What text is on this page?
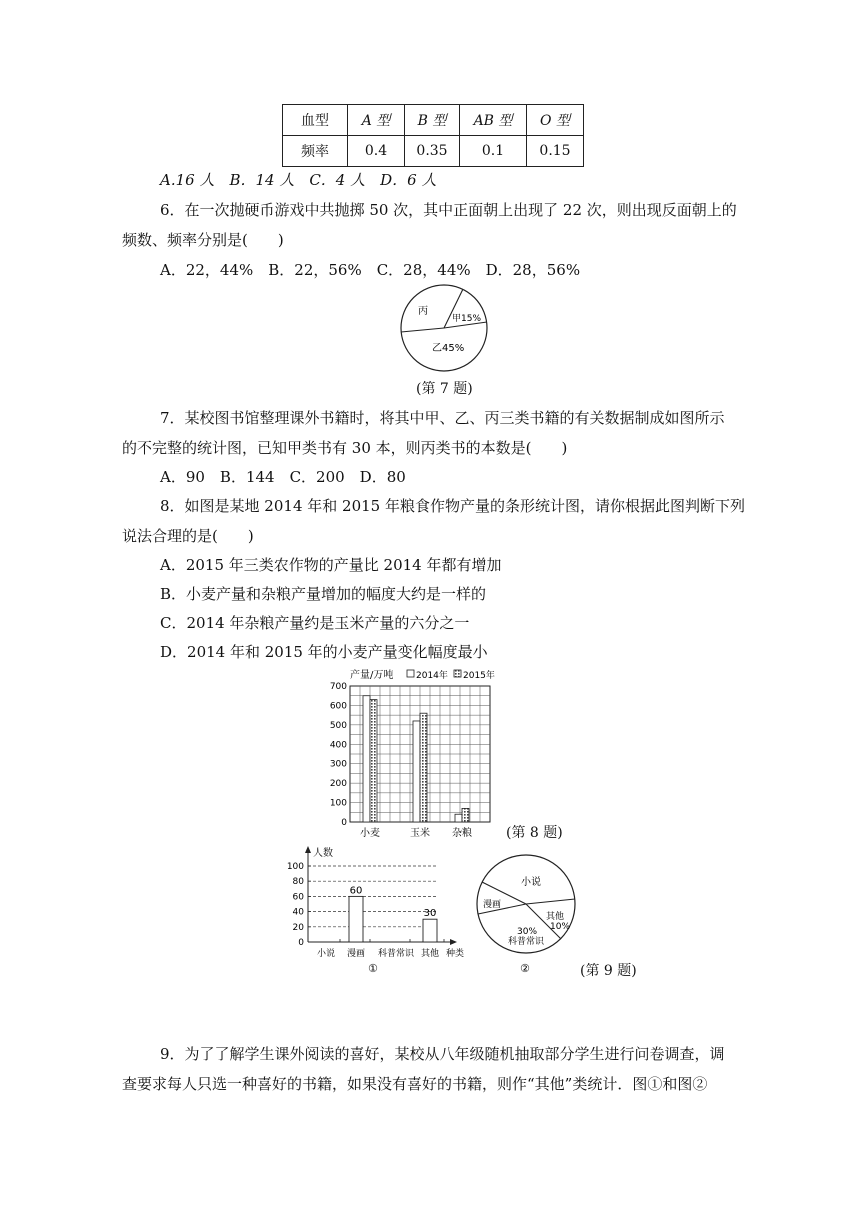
血型	A 型	B 型	AB 型	O 型
频率	0.4	0.35	0.1	0.15
A.16 人　B．14 人　C．4 人　D．6 人
6．在一次抛硬币游戏中共抛掷 50 次，其中正面朝上出现了 22 次，则出现反面朝上的
频数、频率分别是(　　)
A．22，44%　B．22，56%　C．28，44%　D．28，56%
丙
甲15%
乙45%
(第 7 题)
7．某校图书馆整理课外书籍时，将其中甲、乙、丙三类书籍的有关数据制成如图所示
的不完整的统计图，已知甲类书有 30 本，则丙类书的本数是(　　)
A．90　B．144　C．200　D．80
8．如图是某地 2014 年和 2015 年粮食作物产量的条形统计图，请你根据此图判断下列
说法合理的是(　　)
A．2015 年三类农作物的产量比 2014 年都有增加
B．小麦产量和杂粮产量增加的幅度大约是一样的
C．2014 年杂粮产量约是玉米产量的六分之一
D．2014 年和 2015 年的小麦产量变化幅度最小
产量/万吨	2014年 2015年
0
100
200
300
400
500
600
700
小麦	玉米 杂粮 (第 8 题)
人数
种类
0
20
40
60
80
100
60
30
小说 漫画 科普常识 其他
①
小说
漫画
其他
10%
30%
科普常识
②	(第 9 题)
9．为了了解学生课外阅读的喜好，某校从八年级随机抽取部分学生进行问卷调查，调
查要求每人只选一种喜好的书籍，如果没有喜好的书籍，则作“其他”类统计．图①和图②
